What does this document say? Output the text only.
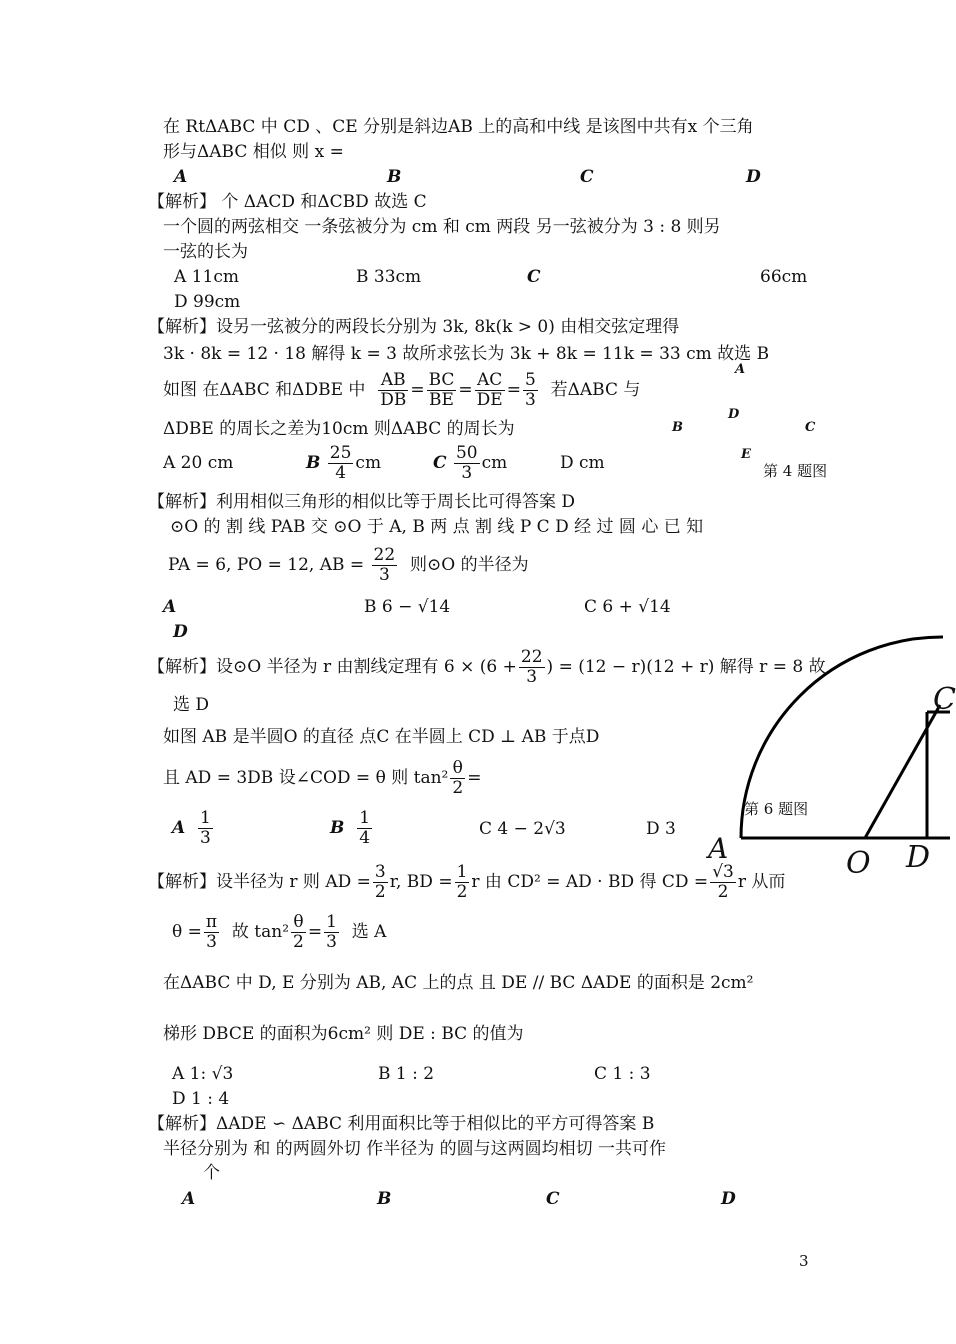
在 RtΔABC 中 CD 、CE 分别是斜边AB 上的高和中线 是该图中共有x 个三角
形与ΔABC 相似 则 x =
A	B	C	D
【解析】 个 ΔACD 和ΔCBD 故选 C
一个圆的两弦相交 一条弦被分为 cm 和 cm 两段 另一弦被分为 3 : 8 则另
一弦的长为
A 11cm	B 33cm	C	66cm
D 99cm
【解析】设另一弦被分的两段长分别为 3k, 8k(k > 0) 由相交弦定理得
3k · 8k = 12 · 18 解得 k = 3 故所求弦长为 3k + 8k = 11k = 33 cm 故选 B
如图 在ΔABC 和ΔDBE 中
$\frac{AB}{DB} = \frac{BC}{BE} = \frac{AC}{DE} = \frac{5}{3}$
若ΔABC 与
ΔDBE 的周长之差为10cm 则ΔABC 的周长为
A 20 cm	B
$\frac{25}{4}$ cm	C
$\frac{50}{3}$ cm	D cm
A
D
B	C
E
第 4 题图
【解析】利用相似三角形的相似比等于周长比可得答案 D
⊙O 的 割 线 PAB 交 ⊙O 于 A, B 两 点 割 线 P C D 经 过 圆 心 已 知
PA = 6, PO = 12, AB =
$\frac{22}{3}$
则⊙O 的半径为
A	B 6 − √14	C 6 + √14
D
【解析】设⊙O 半径为 r 由割线定理有 $6 \times (6 + \frac{22}{3}$ ) = (12 − r)(12 + r) 解得 r = 8 故
选 D
如图 AB 是半圆O 的直径 点C 在半圆上 CD ⊥ AB 于点D
且 AD = 3DB 设∠COD = θ 则 $\tan^2 \frac{\theta}{2}$ =
A
$\frac{1}{3}$	B
$\frac{1}{4}$	C 4 − 2√3	D 3
C
A	O D
第 6 题图
【解析】设半径为 r 则 AD = $\frac{3}{2} r$, BD = $\frac{1}{2}$ r 由 CD² = AD · BD 得 CD = $\frac{√3}{2}$ r 从而
$\theta = \frac{\pi}{3}$
故 $\tan^2 \frac{\theta}{2} = \frac{1}{3}$
选 A
在ΔABC 中 D, E 分别为 AB, AC 上的点 且 DE // BC ΔADE 的面积是 2cm²
梯形 DBCE 的面积为6cm² 则 DE : BC 的值为
A 1: √3	B 1 : 2	C 1 : 3
D 1 : 4
【解析】ΔADE ∽ ΔABC 利用面积比等于相似比的平方可得答案 B
半径分别为 和 的两圆外切 作半径为 的圆与这两圆均相切 一共可作
个
A	B	C	D
3
